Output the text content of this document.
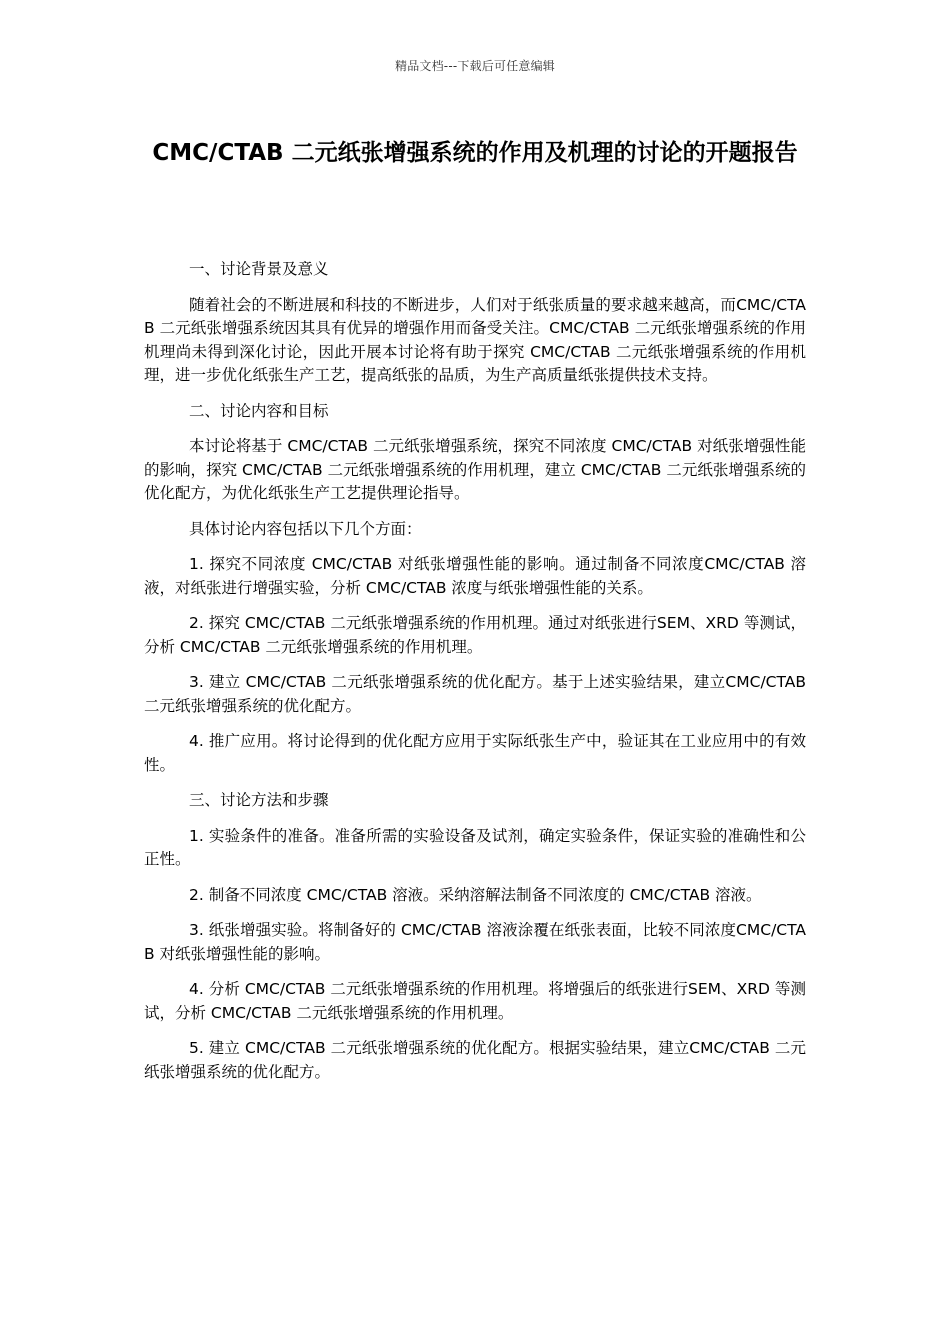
精品文档---下载后可任意编辑
CMC/CTAB 二元纸张增强系统的作用及机理的讨论的开题报告

一、讨论背景及意义

随着社会的不断进展和科技的不断进步，人们对于纸张质量的要求越来越高，而CMC/CTAB 二元纸张增强系统因其具有优异的增强作用而备受关注。CMC/CTAB 二元纸张增强系统的作用机理尚未得到深化讨论，因此开展本讨论将有助于探究 CMC/CTAB 二元纸张增强系统的作用机理，进一步优化纸张生产工艺，提高纸张的品质，为生产高质量纸张提供技术支持。

二、讨论内容和目标

本讨论将基于 CMC/CTAB 二元纸张增强系统，探究不同浓度 CMC/CTAB 对纸张增强性能的影响，探究 CMC/CTAB 二元纸张增强系统的作用机理，建立 CMC/CTAB 二元纸张增强系统的优化配方，为优化纸张生产工艺提供理论指导。

具体讨论内容包括以下几个方面：

1. 探究不同浓度 CMC/CTAB 对纸张增强性能的影响。通过制备不同浓度CMC/CTAB 溶液，对纸张进行增强实验，分析 CMC/CTAB 浓度与纸张增强性能的关系。

2. 探究 CMC/CTAB 二元纸张增强系统的作用机理。通过对纸张进行SEM、XRD 等测试，分析 CMC/CTAB 二元纸张增强系统的作用机理。

3. 建立 CMC/CTAB 二元纸张增强系统的优化配方。基于上述实验结果，建立CMC/CTAB 二元纸张增强系统的优化配方。

4. 推广应用。将讨论得到的优化配方应用于实际纸张生产中，验证其在工业应用中的有效性。

三、讨论方法和步骤

1. 实验条件的准备。准备所需的实验设备及试剂，确定实验条件，保证实验的准确性和公正性。

2. 制备不同浓度 CMC/CTAB 溶液。采纳溶解法制备不同浓度的 CMC/CTAB 溶液。

3. 纸张增强实验。将制备好的 CMC/CTAB 溶液涂覆在纸张表面，比较不同浓度CMC/CTAB 对纸张增强性能的影响。

4. 分析 CMC/CTAB 二元纸张增强系统的作用机理。将增强后的纸张进行SEM、XRD 等测试，分析 CMC/CTAB 二元纸张增强系统的作用机理。

5. 建立 CMC/CTAB 二元纸张增强系统的优化配方。根据实验结果，建立CMC/CTAB 二元纸张增强系统的优化配方。
